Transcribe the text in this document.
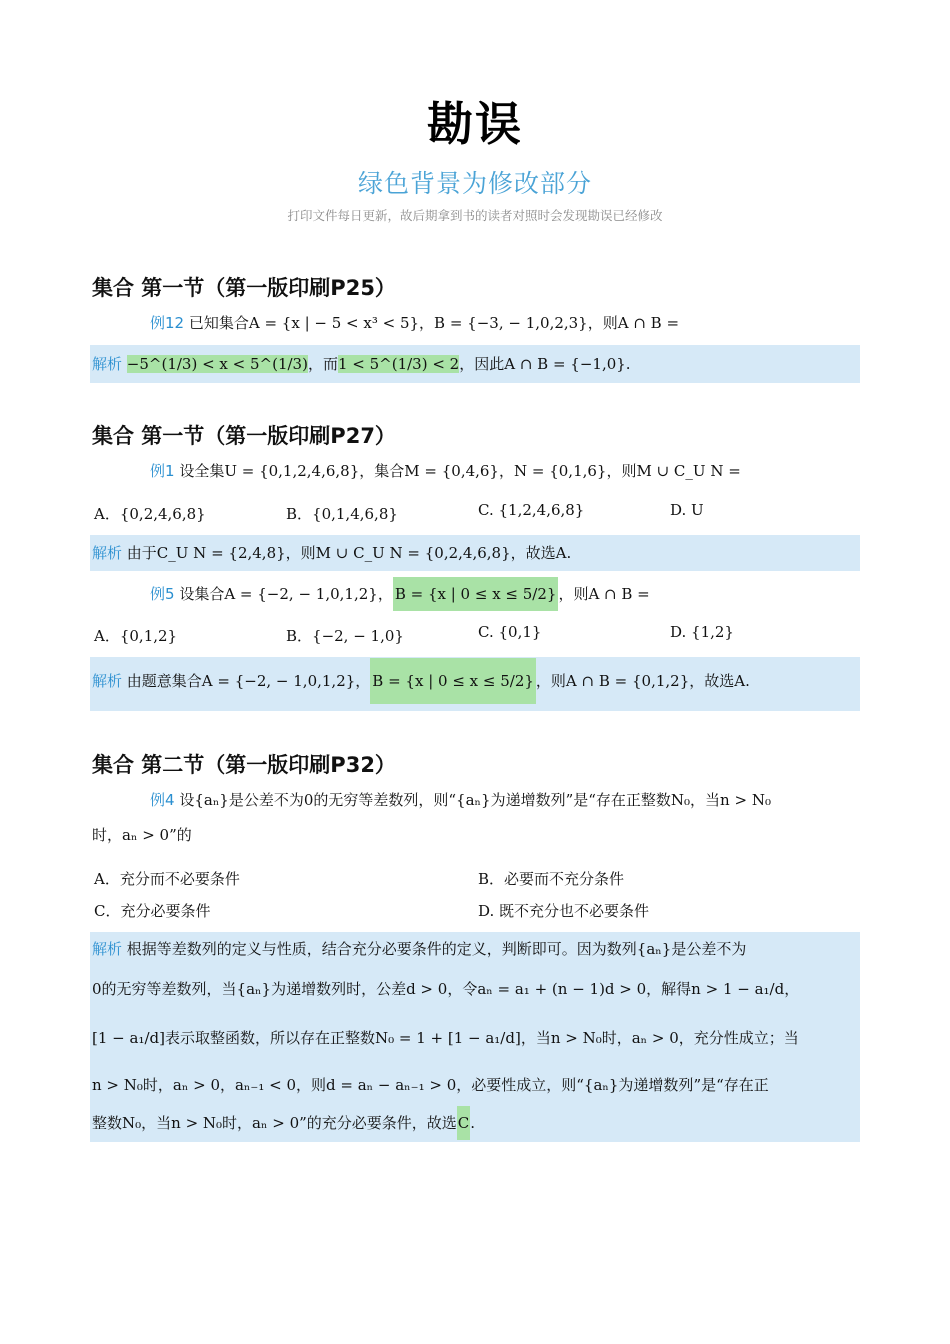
勘误
绿色背景为修改部分
打印文件每日更新，故后期拿到书的读者对照时会发现勘误已经修改
集合 第一节（第一版印刷P25）
例12 已知集合A = {x | − 5 < x³ < 5}，B = {−3, − 1,0,2,3}，则A ∩ B =
解析 −5^(1/3) < x < 5^(1/3)，而1 < 5^(1/3) < 2，因此A ∩ B = {−1,0}.
集合 第一节（第一版印刷P27）
例1 设全集U = {0,1,2,4,6,8}，集合M = {0,4,6}，N = {0,1,6}，则M ∪ C_U N =
A．{0,2,4,6,8}	B．{0,1,4,6,8}	C. {1,2,4,6,8}	D. U
解析 由于C_U N = {2,4,8}，则M ∪ C_U N = {0,2,4,6,8}，故选A.
例5 设集合A = {−2, − 1,0,1,2}， B = {x | 0 ≤ x ≤ 5/2} ，则A ∩ B =
A．{0,1,2}	B．{−2, − 1,0}	C. {0,1}	D. {1,2}
解析 由题意集合A = {−2, − 1,0,1,2}， B = {x | 0 ≤ x ≤ 5/2} ，则A ∩ B = {0,1,2}，故选A.
集合 第二节（第一版印刷P32）
例4 设{aₙ}是公差不为0的无穷等差数列，则“{aₙ}为递增数列”是“存在正整数N₀，当n > N₀
时，aₙ > 0”的
A．充分而不必要条件	B．必要而不充分条件
C．充分必要条件	D. 既不充分也不必要条件
解析 根据等差数列的定义与性质，结合充分必要条件的定义，判断即可。因为数列{aₙ}是公差不为
0的无穷等差数列，当{aₙ}为递增数列时，公差d > 0，令aₙ = a₁ + (n − 1)d > 0，解得n > 1 − a₁/d，
[1 − a₁/d]表示取整函数，所以存在正整数N₀ = 1 + [1 − a₁/d]，当n > N₀时，aₙ > 0，充分性成立；当
n > N₀时，aₙ > 0，aₙ₋₁ < 0，则d = aₙ − aₙ₋₁ > 0，必要性成立，则“{aₙ}为递增数列”是“存在正
整数N₀，当n > N₀时，aₙ > 0”的充分必要条件，故选C.
